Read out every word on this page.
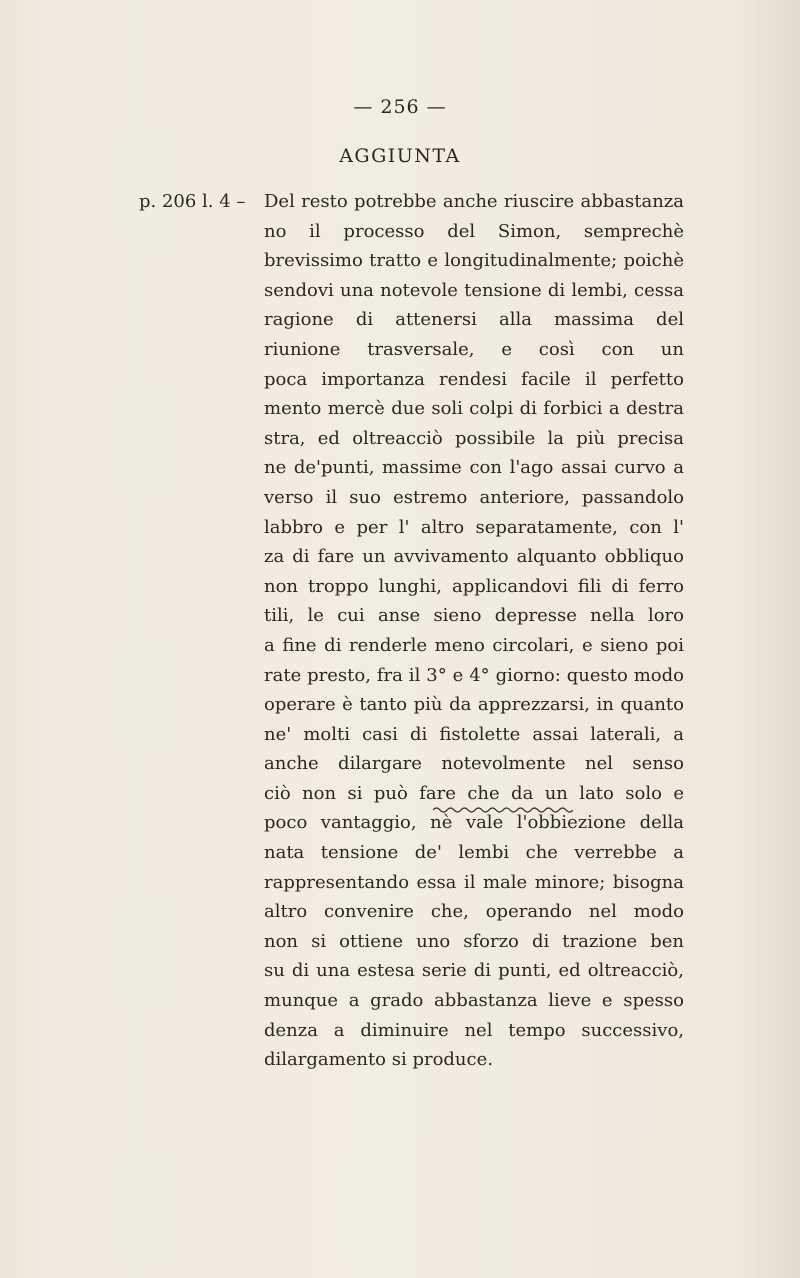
— 256 —
AGGIUNTA
p. 206 l. 4 – Del resto potrebbe anche riuscire abbastanza
no il processo del Simon, semprechè
brevissimo tratto e longitudinalmente; poichè
sendovi una notevole tensione di lembi, cessa
ragione di attenersi alla massima del
riunione trasversale, e così con un
poca importanza rendesi facile il perfetto
mento mercè due soli colpi di forbici a destra
stra, ed oltreacciò possibile la più precisa
ne de'punti, massime con l'ago assai curvo a
verso il suo estremo anteriore, passandolo
labbro e per l' altro separatamente, con l'
za di fare un avvivamento alquanto obbliquo
non troppo lunghi, applicandovi fili di ferro
tili, le cui anse sieno depresse nella loro
a fine di renderle meno circolari, e sieno poi
rate presto, fra il 3° e 4° giorno: questo modo
operare è tanto più da apprezzarsi, in quanto
ne' molti casi di fistolette assai laterali, a
anche dilargare notevolmente nel senso
ciò non si può fare che da un lato solo e
poco vantaggio, nè vale l'obbiezione della
nata tensione de' lembi che verrebbe a
rappresentando essa il male minore; bisogna
altro convenire che, operando nel modo
non si ottiene uno sforzo di trazione ben
su di una estesa serie di punti, ed oltreacciò,
munque a grado abbastanza lieve e spesso
denza a diminuire nel tempo successivo,
dilargamento si produce.
